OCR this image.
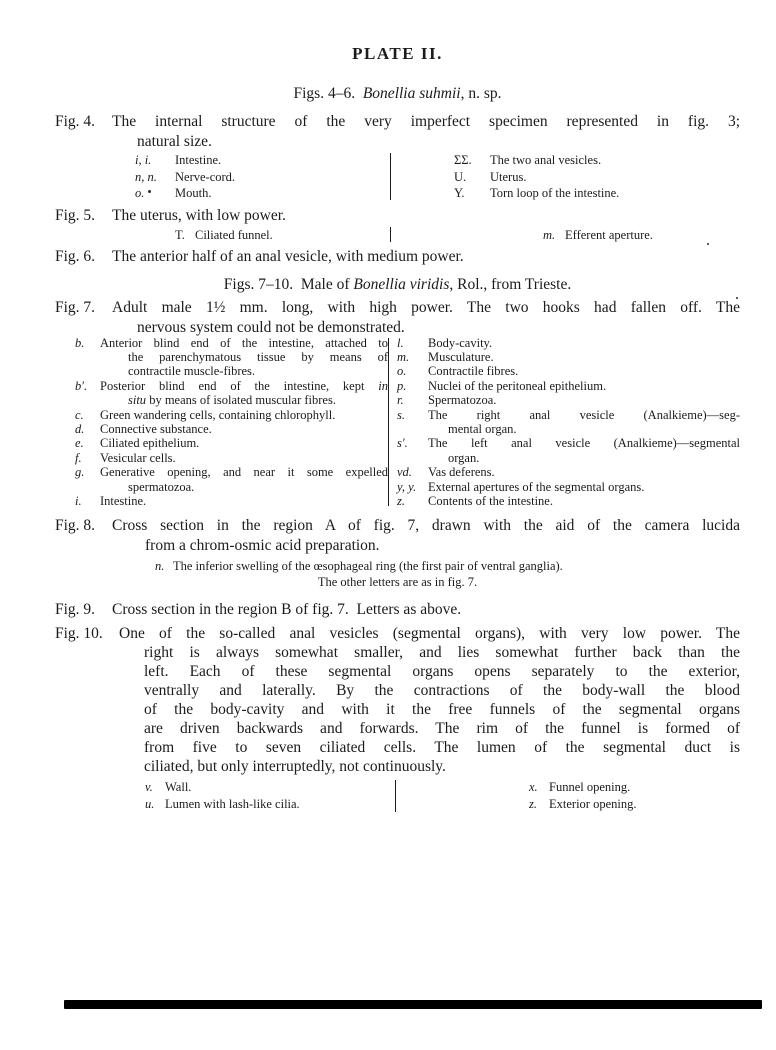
PLATE II.
Figs. 4–6. Bonellia suhmii, n. sp.
Fig. 4. The internal structure of the very imperfect specimen represented in fig. 3;
natural size.
i, i.	Intestine.
n, n.	Nerve-cord.
o.	Mouth.
ΣΣ.	The two anal vesicles.
U.	Uterus.
Y.	Torn loop of the intestine.
Fig. 5. The uterus, with low power.
T. Ciliated funnel.	m. Efferent aperture.
Fig. 6. The anterior half of an anal vesicle, with medium power.
Figs. 7–10. Male of Bonellia viridis, Rol., from Trieste.
Fig. 7. Adult male 1½ mm. long, with high power. The two hooks had fallen off. The
nervous system could not be demonstrated.
b.	Anterior blind end of the intestine, attached to
the parenchymatous tissue by means of
contractile muscle-fibres.
b′.	Posterior blind end of the intestine, kept in
situ by means of isolated muscular fibres.
c.	Green wandering cells, containing chlorophyll.
d.	Connective substance.
e.	Ciliated epithelium.
f.	Vesicular cells.
g.	Generative opening, and near it some expelled
spermatozoa.
i.	Intestine.
l.	Body-cavity.
m.	Musculature.
o.	Contractile fibres.
p.	Nuclei of the peritoneal epithelium.
r.	Spermatozoa.
s.	The right anal vesicle (Analkieme)—seg-
mental organ.
s′.	The left anal vesicle (Analkieme)—segmental
organ.
vd.	Vas deferens.
y, y. External apertures of the segmental organs.
z.	Contents of the intestine.
Fig. 8. Cross section in the region A of fig. 7, drawn with the aid of the camera lucida
from a chrom-osmic acid preparation.
n. The inferior swelling of the œsophageal ring (the first pair of ventral ganglia).
The other letters are as in fig. 7.
Fig. 9. Cross section in the region B of fig. 7. Letters as above.
Fig. 10. One of the so-called anal vesicles (segmental organs), with very low power. The
right is always somewhat smaller, and lies somewhat further back than the
left. Each of these segmental organs opens separately to the exterior,
ventrally and laterally. By the contractions of the body-wall the blood
of the body-cavity and with it the free funnels of the segmental organs
are driven backwards and forwards. The rim of the funnel is formed of
from five to seven ciliated cells. The lumen of the segmental duct is
ciliated, but only interruptedly, not continuously.
v. Wall.
u. Lumen with lash-like cilia.
x. Funnel opening.
z. Exterior opening.
